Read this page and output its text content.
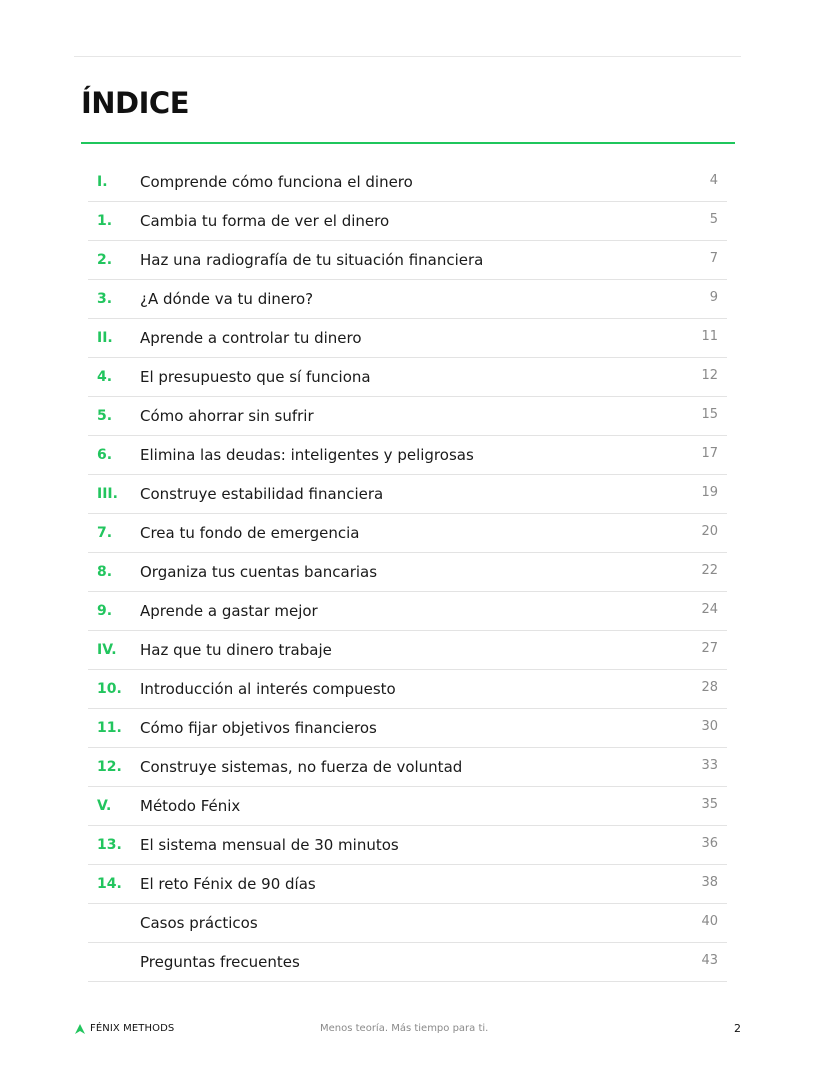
ÍNDICE
I.	Comprende cómo funciona el dinero	4
1.	Cambia tu forma de ver el dinero	5
2.	Haz una radiografía de tu situación financiera	7
3.	¿A dónde va tu dinero?	9
II.	Aprende a controlar tu dinero	11
4.	El presupuesto que sí funciona	12
5.	Cómo ahorrar sin sufrir	15
6.	Elimina las deudas: inteligentes y peligrosas	17
III.	Construye estabilidad financiera	19
7.	Crea tu fondo de emergencia	20
8.	Organiza tus cuentas bancarias	22
9.	Aprende a gastar mejor	24
IV.	Haz que tu dinero trabaje	27
10.	Introducción al interés compuesto	28
11.	Cómo fijar objetivos financieros	30
12.	Construye sistemas, no fuerza de voluntad	33
V.	Método Fénix	35
13.	El sistema mensual de 30 minutos	36
14.	El reto Fénix de 90 días	38
Casos prácticos	40
Preguntas frecuentes	43
FÉNIX METHODS	Menos teoría. Más tiempo para ti.	2
